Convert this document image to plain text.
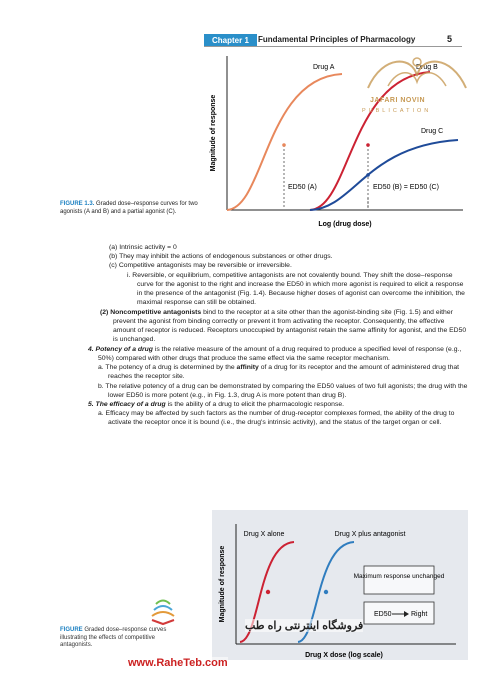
Chapter 1	Fundamental Principles of Pharmacology	5
Magnitude of response
Log (drug dose)
Drug A	Drug B
Drug C
ED50 (A)	ED50 (B) = ED50 (C)
JAFARI NOVIN
PUBLICATION
FIGURE 1.3. Graded dose–response curves for two agonists (A and B) and a partial agonist (C).

(a) Intrinsic activity = 0

(b) They may inhibit the actions of endogenous substances or other drugs.

(c) Competitive antagonists may be reversible or irreversible.

i. Reversible, or equilibrium, competitive antagonists are not covalently bound. They shift the dose–response curve for the agonist to the right and increase the ED50 in which more agonist is required to elicit a response in the presence of the antagonist (Fig. 1.4). Because higher doses of agonist can overcome the inhibition, the maximal response can still be obtained.

(2) Noncompetitive antagonists bind to the receptor at a site other than the agonist-binding site (Fig. 1.5) and either prevent the agonist from binding correctly or prevent it from activating the receptor. Consequently, the effective amount of receptor is reduced. Receptors unoccupied by antagonist retain the same affinity for agonist, and the ED50 is unchanged.

4. Potency of a drug is the relative measure of the amount of a drug required to produce a specified level of response (e.g., 50%) compared with other drugs that produce the same effect via the same receptor mechanism.

a. The potency of a drug is determined by the affinity of a drug for its receptor and the amount of administered drug that reaches the receptor site.

b. The relative potency of a drug can be demonstrated by comparing the ED50 values of two full agonists; the drug with the lower ED50 is more potent (e.g., in Fig. 1.3, drug A is more potent than drug B).

5. The efficacy of a drug is the ability of a drug to elicit the pharmacologic response.

a. Efficacy may be affected by such factors as the number of drug-receptor complexes formed, the ability of the drug to activate the receptor once it is bound (i.e., the drug's intrinsic activity), and the status of the target organ or cell.

Magnitude of response
Drug X dose (log scale)
Drug X alone	Drug X plus antagonist
Maximum response unchanged
ED50	Right
FIGURE Graded dose–response curves illustrating the effects of competitive antagonists.
فروشگاه اینترنتی راه طب
www.RaheTeb.com
